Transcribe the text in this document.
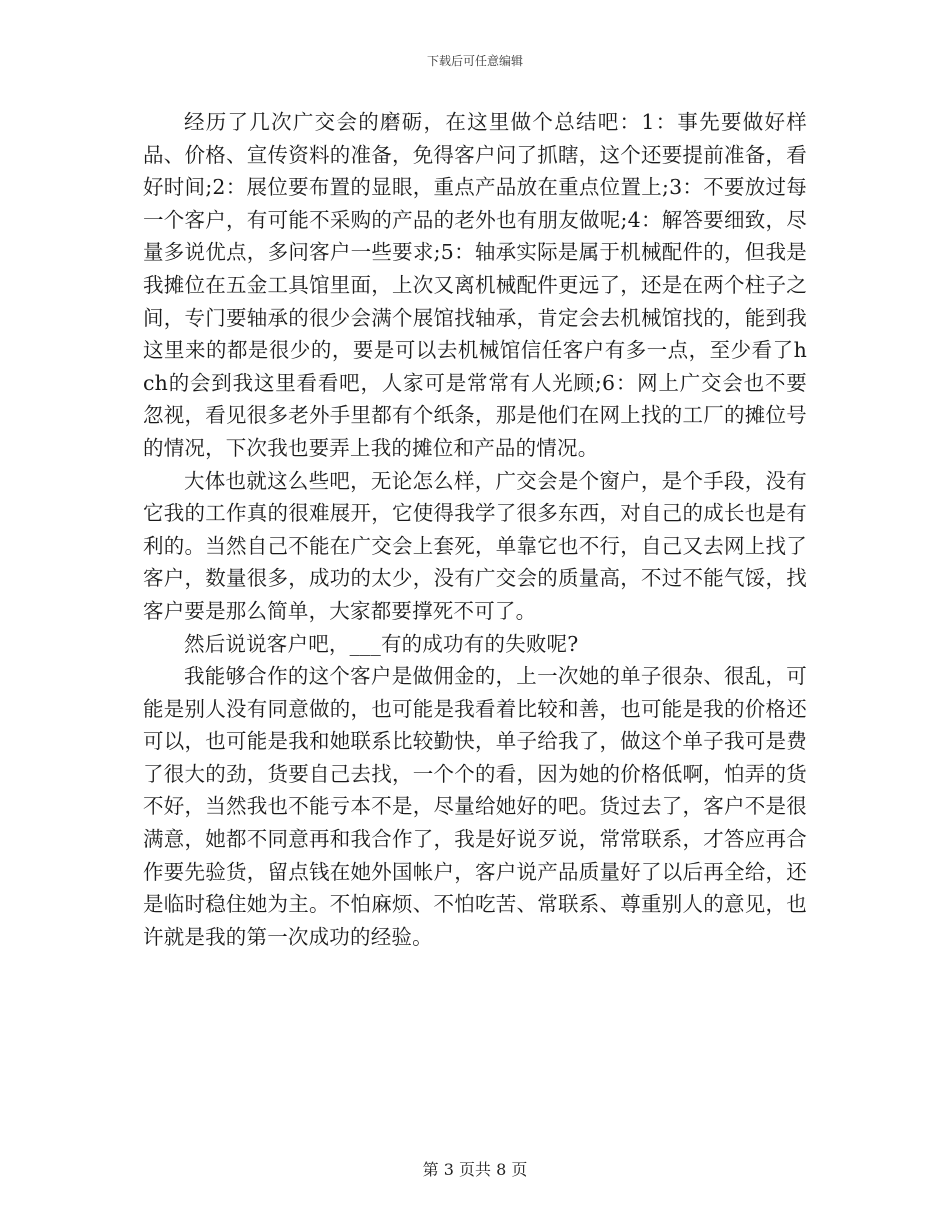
下载后可任意编辑

经历了几次广交会的磨砺，在这里做个总结吧：1：事先要做好样品、价格、宣传资料的准备，免得客户问了抓瞎，这个还要提前准备，看好时间;2：展位要布置的显眼，重点产品放在重点位置上;3：不要放过每一个客户，有可能不采购的产品的老外也有朋友做呢;4：解答要细致，尽量多说优点，多问客户一些要求;5：轴承实际是属于机械配件的，但我是我摊位在五金工具馆里面，上次又离机械配件更远了，还是在两个柱子之间，专门要轴承的很少会满个展馆找轴承，肯定会去机械馆找的，能到我这里来的都是很少的，要是可以去机械馆信任客户有多一点，至少看了hch的会到我这里看看吧，人家可是常常有人光顾;6：网上广交会也不要忽视，看见很多老外手里都有个纸条，那是他们在网上找的工厂的摊位号的情况，下次我也要弄上我的摊位和产品的情况。

大体也就这么些吧，无论怎么样，广交会是个窗户，是个手段，没有它我的工作真的很难展开，它使得我学了很多东西，对自己的成长也是有利的。当然自己不能在广交会上套死，单靠它也不行，自己又去网上找了客户，数量很多，成功的太少，没有广交会的质量高，不过不能气馁，找客户要是那么简单，大家都要撑死不可了。

然后说说客户吧，___有的成功有的失败呢?

我能够合作的这个客户是做佣金的，上一次她的单子很杂、很乱，可能是别人没有同意做的，也可能是我看着比较和善，也可能是我的价格还可以，也可能是我和她联系比较勤快，单子给我了，做这个单子我可是费了很大的劲，货要自己去找，一个个的看，因为她的价格低啊，怕弄的货不好，当然我也不能亏本不是，尽量给她好的吧。货过去了，客户不是很满意，她都不同意再和我合作了，我是好说歹说，常常联系，才答应再合作要先验货，留点钱在她外国帐户，客户说产品质量好了以后再全给，还是临时稳住她为主。不怕麻烦、不怕吃苦、常联系、尊重别人的意见，也许就是我的第一次成功的经验。

第 3 页共 8 页
